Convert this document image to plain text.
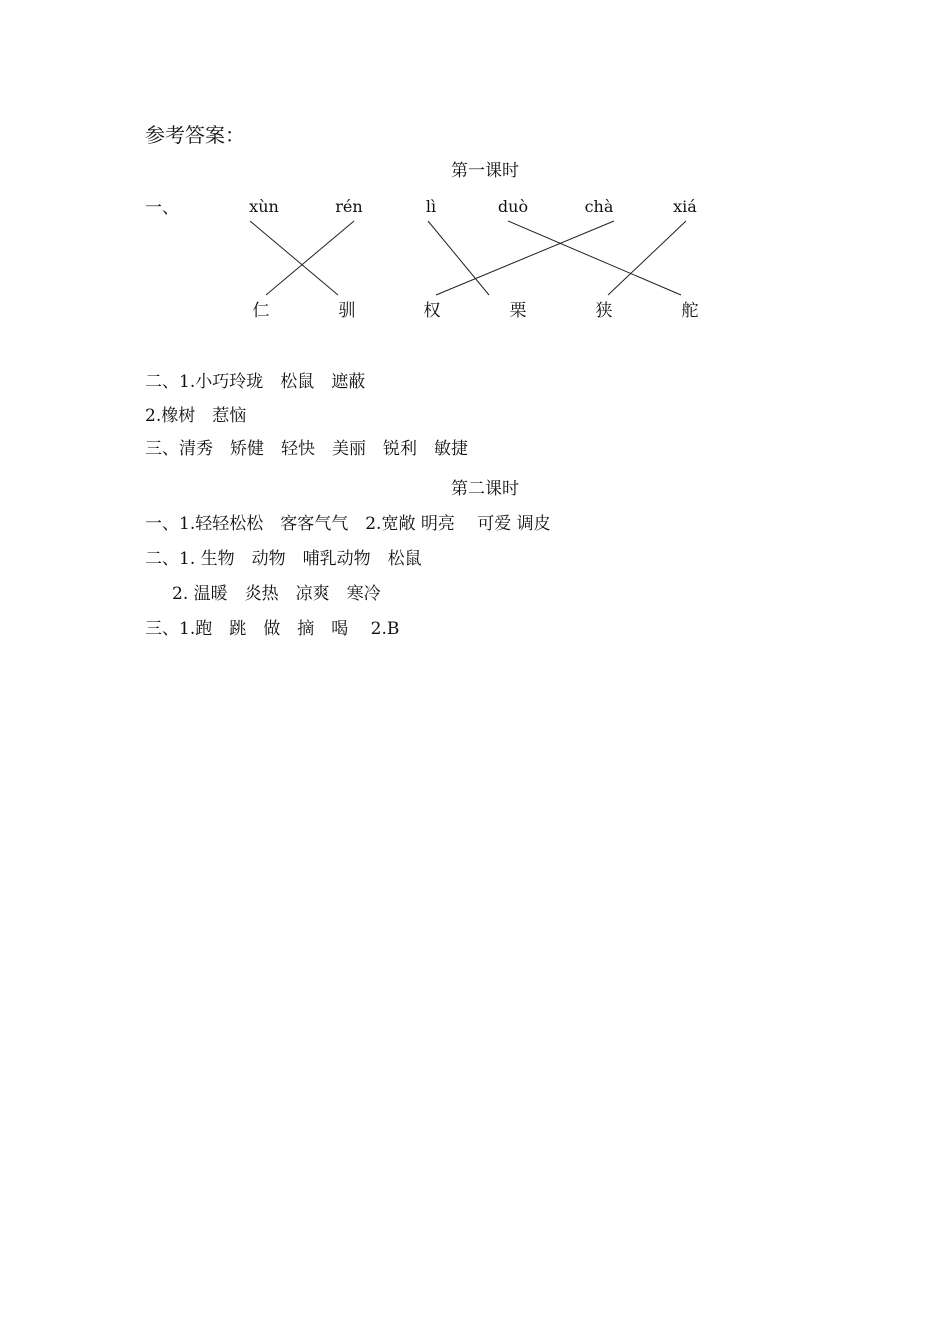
参考答案：
第一课时
一、	xùn	rén	lì	duò	chà	xiá
仁	驯	权	栗	狭	舵
二、1.小巧玲珑　松鼠　遮蔽
2.橡树　惹恼
三、清秀　矫健　轻快　美丽　锐利　敏捷
第二课时
一、1.轻轻松松　客客气气　2.宽敞 明亮　 可爱 调皮
二、1. 生物　动物　哺乳动物　松鼠
2. 温暖　炎热　凉爽　寒冷
三、1.跑　跳　做　摘　喝　 2.B
